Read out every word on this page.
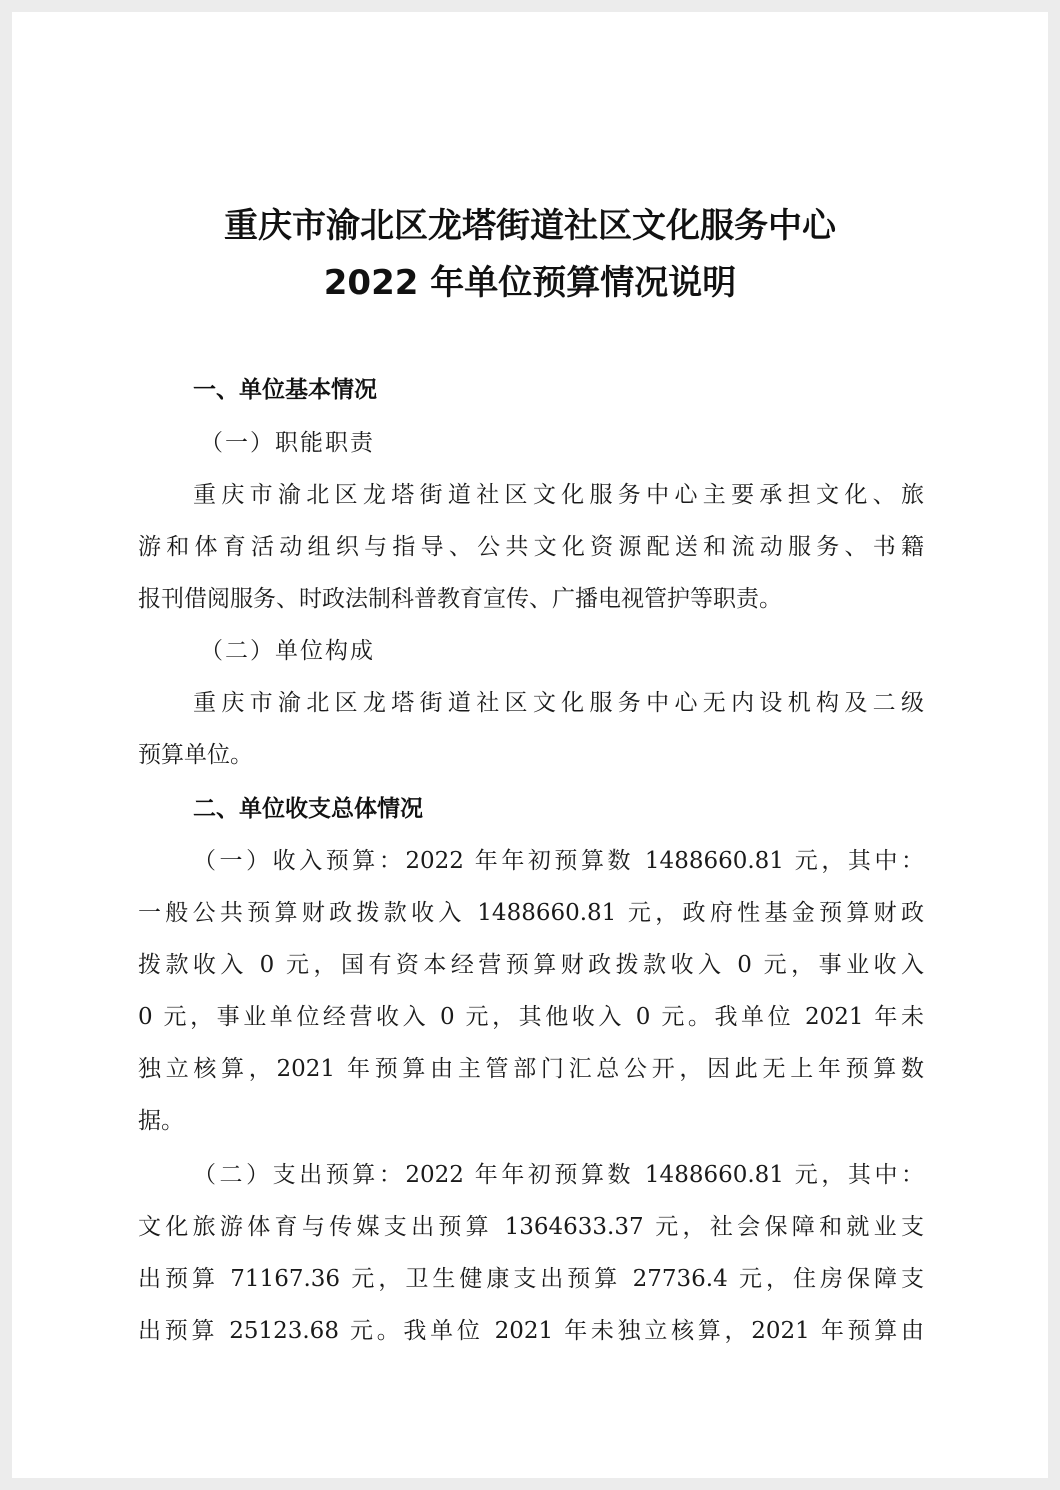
重庆市渝北区龙塔街道社区文化服务中心
2022 年单位预算情况说明
一、单位基本情况

（一）职能职责

重庆市渝北区龙塔街道社区文化服务中心主要承担文化、旅

游和体育活动组织与指导、公共文化资源配送和流动服务、书籍

报刊借阅服务、时政法制科普教育宣传、广播电视管护等职责。

（二）单位构成

重庆市渝北区龙塔街道社区文化服务中心无内设机构及二级

预算单位。

二、单位收支总体情况

（一）收入预算：2022 年年初预算数 1488660.81 元，其中：

一般公共预算财政拨款收入 1488660.81 元，政府性基金预算财政

拨款收入 0 元，国有资本经营预算财政拨款收入 0 元，事业收入

0 元，事业单位经营收入 0 元，其他收入 0 元。我单位 2021 年未

独立核算，2021 年预算由主管部门汇总公开，因此无上年预算数

据。

（二）支出预算：2022 年年初预算数 1488660.81 元，其中：

文化旅游体育与传媒支出预算 1364633.37 元，社会保障和就业支

出预算 71167.36 元，卫生健康支出预算 27736.4 元，住房保障支

出预算 25123.68 元。我单位 2021 年未独立核算，2021 年预算由
